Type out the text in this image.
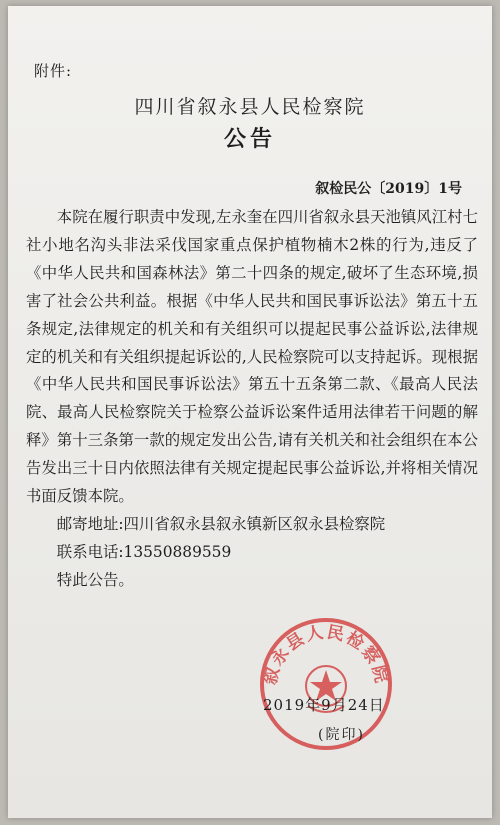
附件:
四川省叙永县人民检察院
公告
叙检民公〔2019〕1号

本院在履行职责中发现,左永奎在四川省叙永县天池镇风江村七社小地名沟头非法采伐国家重点保护植物楠木2株的行为,违反了《中华人民共和国森林法》第二十四条的规定,破坏了生态环境,损害了社会公共利益。根据《中华人民共和国民事诉讼法》第五十五条规定,法律规定的机关和有关组织可以提起民事公益诉讼,法律规定的机关和有关组织提起诉讼的,人民检察院可以支持起诉。现根据《中华人民共和国民事诉讼法》第五十五条第二款、《最高人民法院、最高人民检察院关于检察公益诉讼案件适用法律若干问题的解释》第十三条第一款的规定发出公告,请有关机关和社会组织在本公告发出三十日内依照法律有关规定提起民事公益诉讼,并将相关情况书面反馈本院。

邮寄地址:四川省叙永县叙永镇新区叙永县检察院

联系电话:13550889559

特此公告。

叙永县人民检察院
2019年9月24日
(院印)
